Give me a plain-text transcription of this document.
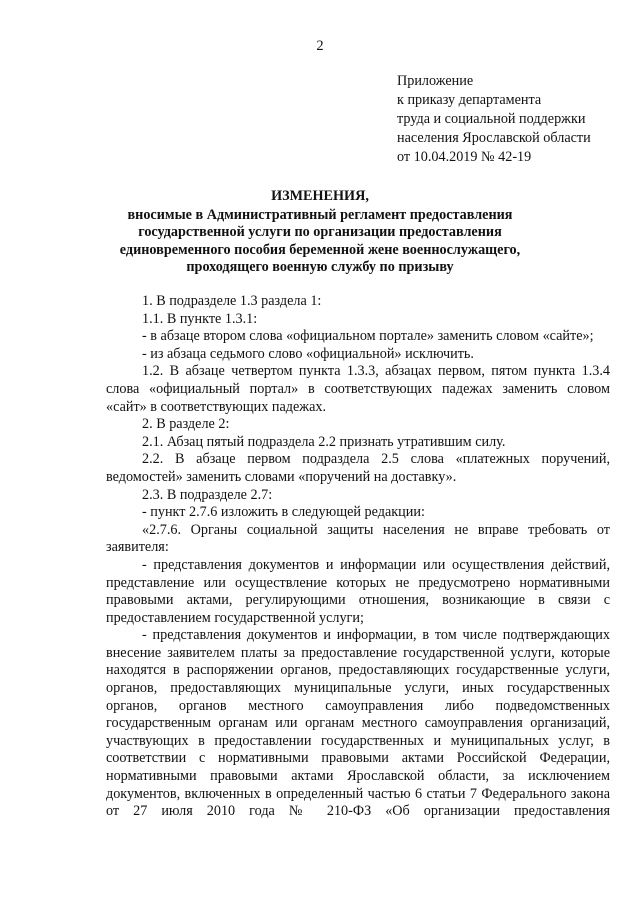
2
Приложение
к приказу департамента
труда и социальной поддержки
населения Ярославской области
от 10.04.2019 № 42-19
ИЗМЕНЕНИЯ,
вносимые в Административный регламент предоставления
государственной услуги по организации предоставления
единовременного пособия беременной жене военнослужащего,
проходящего военную службу по призыву

1. В подразделе 1.3 раздела 1:

1.1. В пункте 1.3.1:

- в абзаце втором слова «официальном портале» заменить словом «сайте»;

- из абзаца седьмого слово «официальной» исключить.

1.2. В абзаце четвертом пункта 1.3.3, абзацах первом, пятом пункта 1.3.4 слова «официальный портал» в соответствующих падежах заменить словом «сайт» в соответствующих падежах.

2. В разделе 2:

2.1. Абзац пятый подраздела 2.2 признать утратившим силу.

2.2. В абзаце первом подраздела 2.5 слова «платежных поручений, ведомостей» заменить словами «поручений на доставку».

2.3. В подразделе 2.7:

- пункт 2.7.6 изложить в следующей редакции:

«2.7.6. Органы социальной защиты населения не вправе требовать от заявителя:

- представления документов и информации или осуществления действий, представление или осуществление которых не предусмотрено нормативными правовыми актами, регулирующими отношения, возникающие в связи с предоставлением государственной услуги;

- представления документов и информации, в том числе подтверждающих внесение заявителем платы за предоставление государственной услуги, которые находятся в распоряжении органов, предоставляющих государственные услуги, органов, предоставляющих муниципальные услуги, иных государственных органов, органов местного самоуправления либо подведомственных государственным органам или органам местного самоуправления организаций, участвующих в предоставлении государственных и муниципальных услуг, в соответствии с нормативными правовыми актами Российской Федерации, нормативными правовыми актами Ярославской области, за исключением документов, включенных в определенный частью 6 статьи 7 Федерального закона от 27 июля 2010 года № 210-ФЗ «Об организации предоставления
